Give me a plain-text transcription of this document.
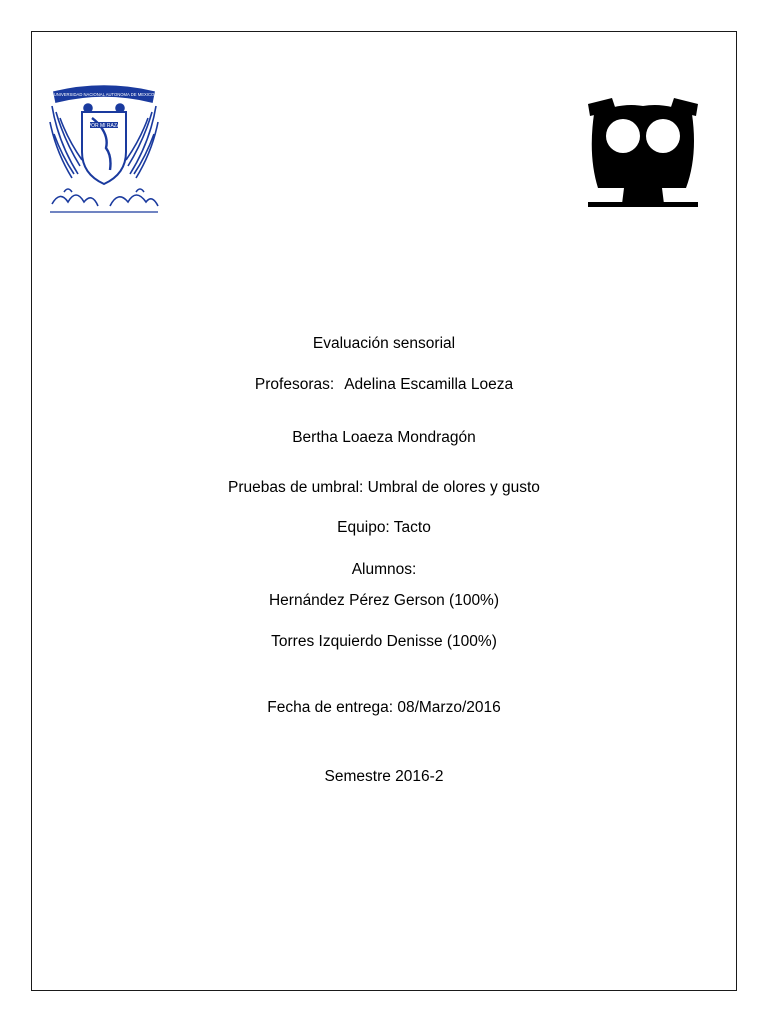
POR MI RAZA
UNIVERSIDAD NACIONAL AUTONOMA DE MEXICO
Evaluación sensorial
Profesoras: Adelina Escamilla Loeza
Bertha Loaeza Mondragón
Pruebas de umbral: Umbral de olores y gusto
Equipo: Tacto
Alumnos:
Hernández Pérez Gerson (100%)
Torres Izquierdo Denisse (100%)
Fecha de entrega: 08/Marzo/2016
Semestre 2016-2
